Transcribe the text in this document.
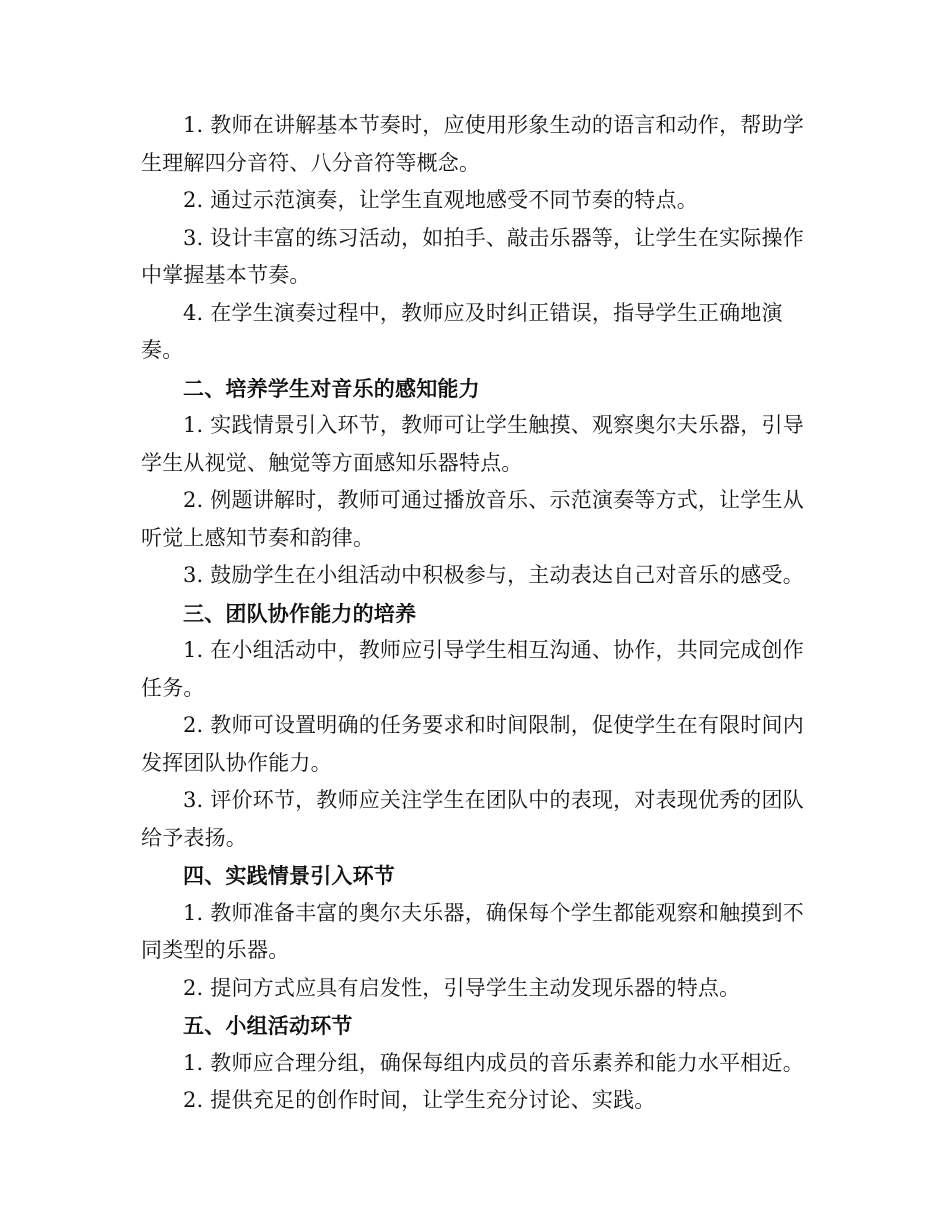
1. 教师在讲解基本节奏时，应使用形象生动的语言和动作，帮助学生理解四分音符、八分音符等概念。

2. 通过示范演奏，让学生直观地感受不同节奏的特点。

3. 设计丰富的练习活动，如拍手、敲击乐器等，让学生在实际操作中掌握基本节奏。

4. 在学生演奏过程中，教师应及时纠正错误，指导学生正确地演奏。

二、培养学生对音乐的感知能力

1. 实践情景引入环节，教师可让学生触摸、观察奥尔夫乐器，引导学生从视觉、触觉等方面感知乐器特点。

2. 例题讲解时，教师可通过播放音乐、示范演奏等方式，让学生从听觉上感知节奏和韵律。

3. 鼓励学生在小组活动中积极参与，主动表达自己对音乐的感受。

三、团队协作能力的培养

1. 在小组活动中，教师应引导学生相互沟通、协作，共同完成创作任务。

2. 教师可设置明确的任务要求和时间限制，促使学生在有限时间内发挥团队协作能力。

3. 评价环节，教师应关注学生在团队中的表现，对表现优秀的团队给予表扬。

四、实践情景引入环节

1. 教师准备丰富的奥尔夫乐器，确保每个学生都能观察和触摸到不同类型的乐器。

2. 提问方式应具有启发性，引导学生主动发现乐器的特点。

五、小组活动环节

1. 教师应合理分组，确保每组内成员的音乐素养和能力水平相近。

2. 提供充足的创作时间，让学生充分讨论、实践。
